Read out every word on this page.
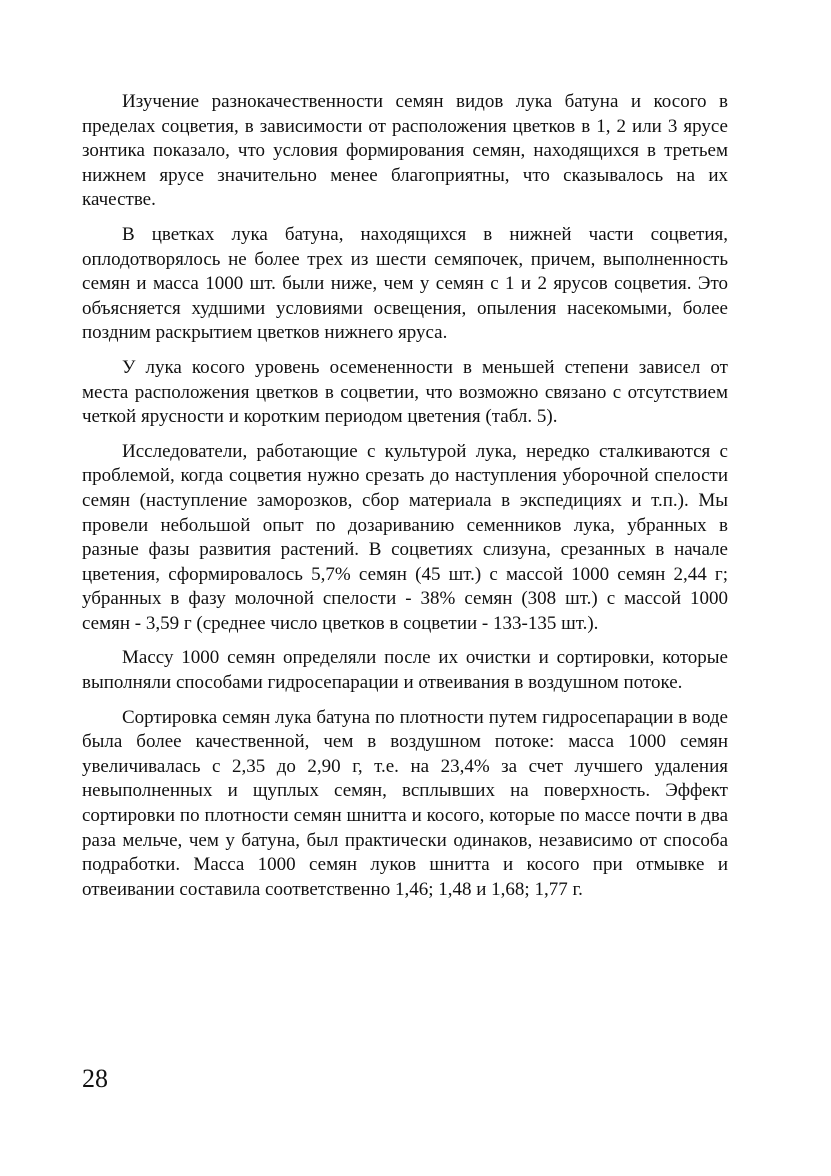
Изучение разнокачественности семян видов лука батуна и косого в пределах соцветия, в зависимости от расположения цветков в 1, 2 или 3 ярусе зонтика показало, что условия формирования семян, находящихся в третьем нижнем ярусе значительно менее благоприятны, что сказывалось на их качестве.

В цветках лука батуна, находящихся в нижней части соцветия, оплодотворялось не более трех из шести семяпочек, причем, выполненность семян и масса 1000 шт. были ниже, чем у семян с 1 и 2 ярусов соцветия. Это объясняется худшими условиями освещения, опыления насекомыми, более поздним раскрытием цветков нижнего яруса.

У лука косого уровень осемененности в меньшей степени зависел от места расположения цветков в соцветии, что возможно связано с отсутствием четкой ярусности и коротким периодом цветения (табл. 5).

Исследователи, работающие с культурой лука, нередко сталкиваются с проблемой, когда соцветия нужно срезать до наступления уборочной спелости семян (наступление заморозков, сбор материала в экспедициях и т.п.). Мы провели небольшой опыт по дозариванию семенников лука, убранных в разные фазы развития растений. В соцветиях слизуна, срезанных в начале цветения, сформировалось 5,7% семян (45 шт.) с массой 1000 семян 2,44 г; убранных в фазу молочной спелости - 38% семян (308 шт.) с массой 1000 семян - 3,59 г (среднее число цветков в соцветии - 133-135 шт.).

Массу 1000 семян определяли после их очистки и сортировки, которые выполняли способами гидросепарации и отвеивания в воздушном потоке.

Сортировка семян лука батуна по плотности путем гидросепарации в воде была более качественной, чем в воздушном потоке: масса 1000 семян увеличивалась с 2,35 до 2,90 г, т.е. на 23,4% за счет лучшего удаления невыполненных и щуплых семян, всплывших на поверхность. Эффект сортировки по плотности семян шнитта и косого, которые по массе почти в два раза мельче, чем у батуна, был практически одинаков, независимо от способа подработки. Масса 1000 семян луков шнитта и косого при отмывке и отвеивании составила соответственно 1,46; 1,48 и 1,68; 1,77 г.

28
